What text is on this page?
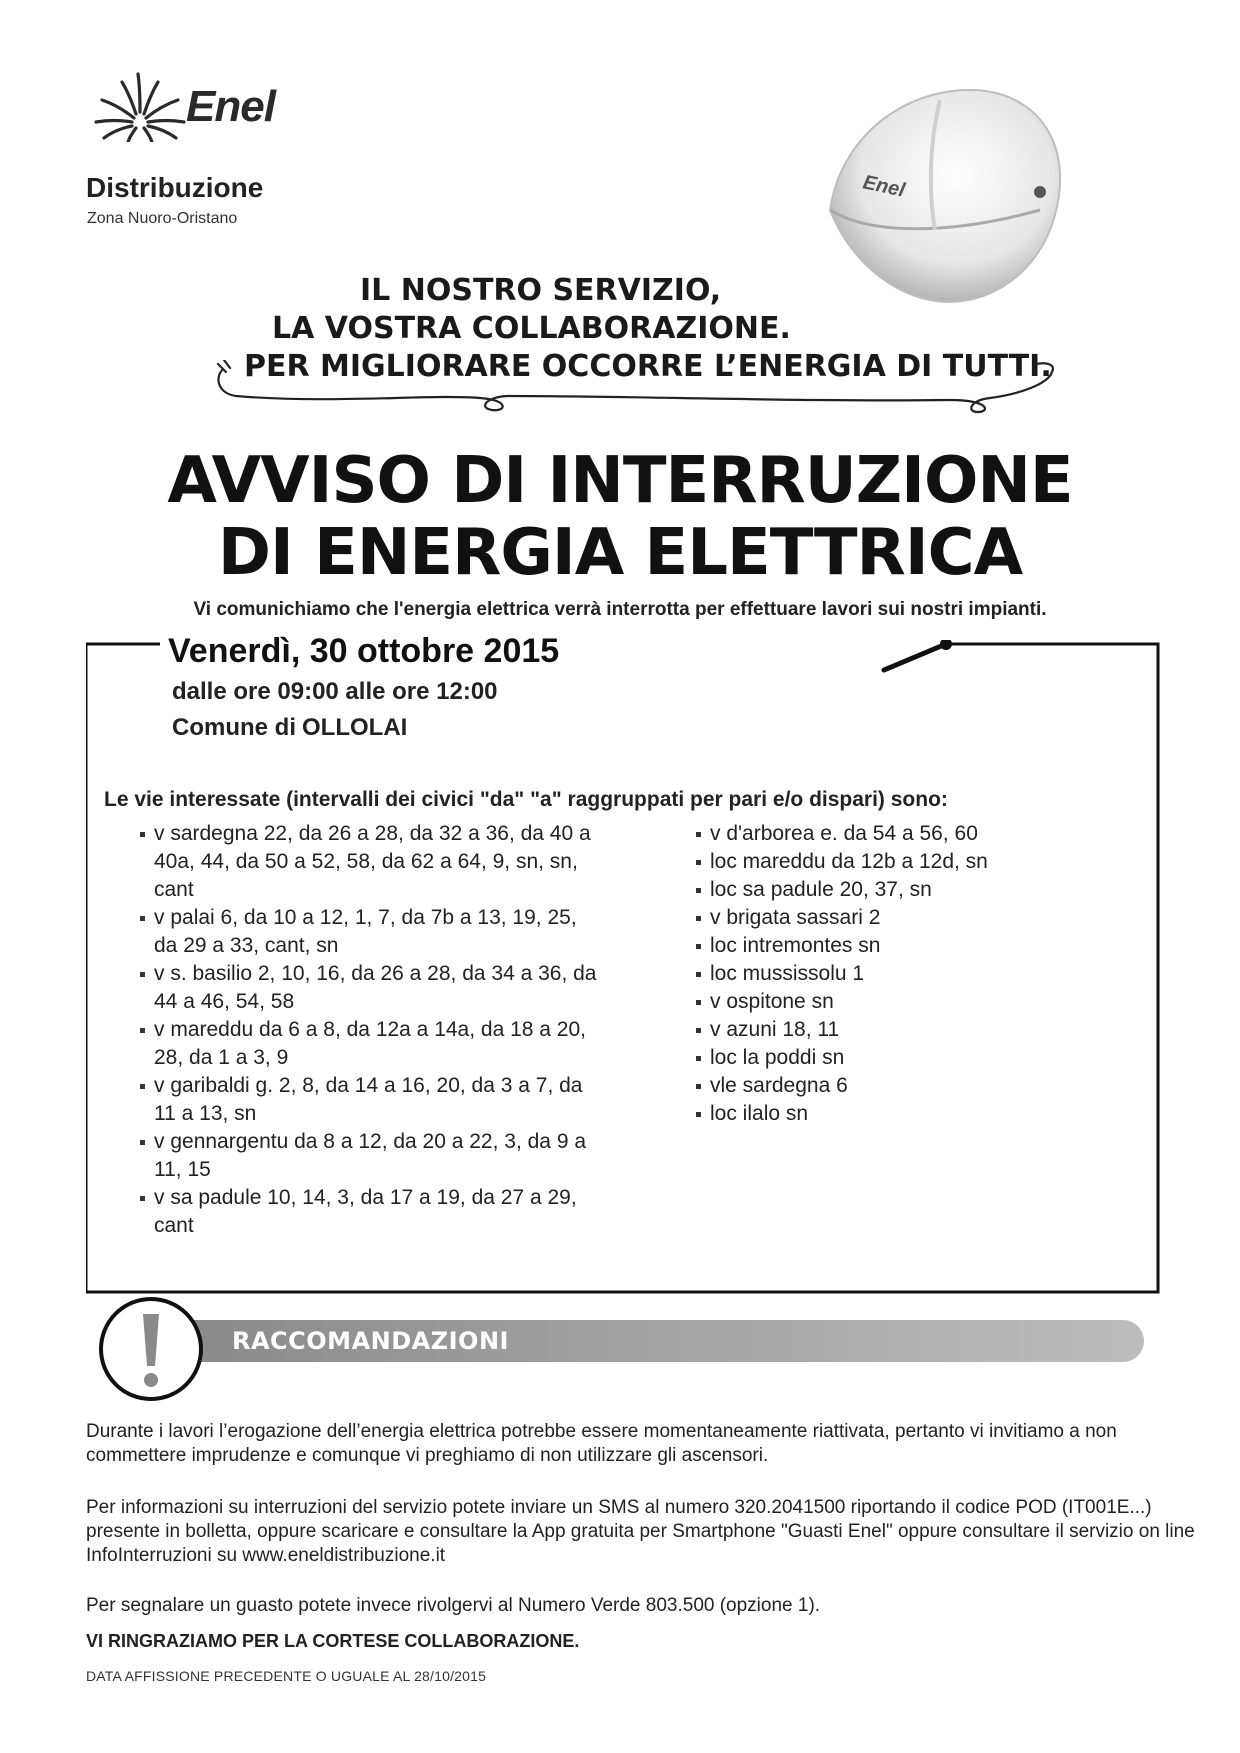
Enel
Distribuzione
Zona Nuoro-Oristano
Enel
IL NOSTRO SERVIZIO,
LA VOSTRA COLLABORAZIONE.
PER MIGLIORARE OCCORRE L’ENERGIA DI TUTTI.
AVVISO DI INTERRUZIONE
DI ENERGIA ELETTRICA
Vi comunichiamo che l'energia elettrica verrà interrotta per effettuare lavori sui nostri impianti.
Venerdì, 30 ottobre 2015
dalle ore 09:00 alle ore 12:00
Comune di OLLOLAI
Le vie interessate (intervalli dei civici "da" "a" raggruppati per pari e/o dispari) sono:
v sardegna 22, da 26 a 28, da 32 a 36, da 40 a 40a, 44, da 50 a 52, 58, da 62 a 64, 9, sn, sn, cant
v palai 6, da 10 a 12, 1, 7, da 7b a 13, 19, 25, da 29 a 33, cant, sn
v s. basilio 2, 10, 16, da 26 a 28, da 34 a 36, da 44 a 46, 54, 58
v mareddu da 6 a 8, da 12a a 14a, da 18 a 20, 28, da 1 a 3, 9
v garibaldi g. 2, 8, da 14 a 16, 20, da 3 a 7, da 11 a 13, sn
v gennargentu da 8 a 12, da 20 a 22, 3, da 9 a 11, 15
v sa padule 10, 14, 3, da 17 a 19, da 27 a 29, cant
v d'arborea e. da 54 a 56, 60
loc mareddu da 12b a 12d, sn
loc sa padule 20, 37, sn
v brigata sassari 2
loc intremontes sn
loc mussissolu 1
v ospitone sn
v azuni 18, 11
loc la poddi sn
vle sardegna 6
loc ilalo sn
RACCOMANDAZIONI
Durante i lavori l’erogazione dell’energia elettrica potrebbe essere momentaneamente riattivata, pertanto vi invitiamo a non commettere imprudenze e comunque vi preghiamo di non utilizzare gli ascensori.
Per informazioni su interruzioni del servizio potete inviare un SMS al numero 320.2041500 riportando il codice POD (IT001E...) presente in bolletta, oppure scaricare e consultare la App gratuita per Smartphone "Guasti Enel" oppure consultare il servizio on line InfoInterruzioni su www.eneldistribuzione.it
Per segnalare un guasto potete invece rivolgervi al Numero Verde 803.500 (opzione 1).
VI RINGRAZIAMO PER LA CORTESE COLLABORAZIONE.
DATA AFFISSIONE PRECEDENTE O UGUALE AL 28/10/2015
